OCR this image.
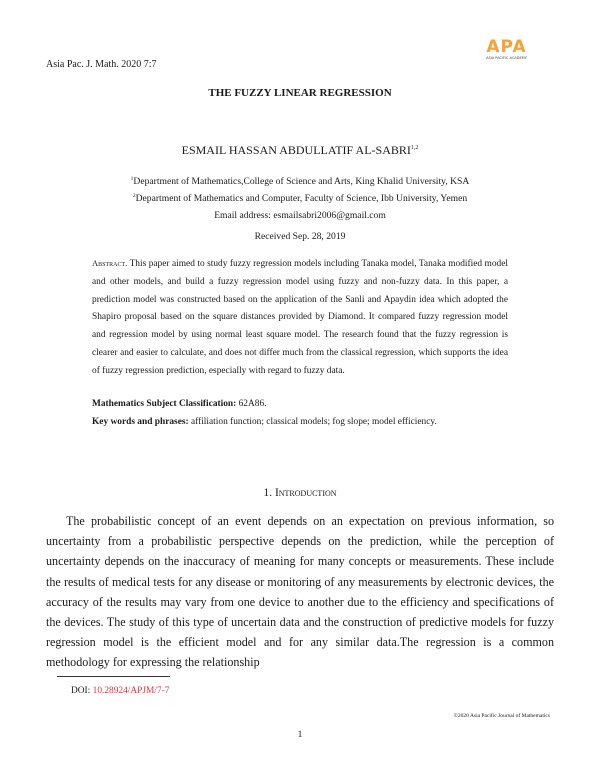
Asia Pac. J. Math. 2020 7:7
APA
ASIA PACIFIC ACADEMY
THE FUZZY LINEAR REGRESSION
ESMAIL HASSAN ABDULLATIF AL-SABRI$^{1,2}$
$^1$Department of Mathematics,College of Science and Arts, King Khalid University, KSA
$^2$Department of Mathematics and Computer, Faculty of Science, Ibb University, Yemen
Email address: esmailsabri2006@gmail.com
Received Sep. 28, 2019
Abstract. This paper aimed to study fuzzy regression models including Tanaka model, Tanaka modified model and other models, and build a fuzzy regression model using fuzzy and non-fuzzy data. In this paper, a prediction model was constructed based on the application of the Sanli and Apaydin idea which adopted the Shapiro proposal based on the square distances provided by Diamond. It compared fuzzy regression model and regression model by using normal least square model. The research found that the fuzzy regression is clearer and easier to calculate, and does not differ much from the classical regression, which supports the idea of fuzzy regression prediction, especially with regard to fuzzy data.
Mathematics Subject Classification: 62A86.
Key words and phrases: affiliation function; classical models; fog slope; model efficiency.
1. Introduction

The probabilistic concept of an event depends on an expectation on previous information, so uncertainty from a probabilistic perspective depends on the prediction, while the perception of uncertainty depends on the inaccuracy of meaning for many concepts or measurements. These include the results of medical tests for any disease or monitoring of any measurements by electronic devices, the accuracy of the results may vary from one device to another due to the efficiency and specifications of the devices. The study of this type of uncertain data and the construction of predictive models for fuzzy regression model is the efficient model and for any similar data.The regression is a common methodology for expressing the relationship

DOI: 10.28924/APJM/7-7
©2020 Asia Pacific Journal of Mathematics
1
